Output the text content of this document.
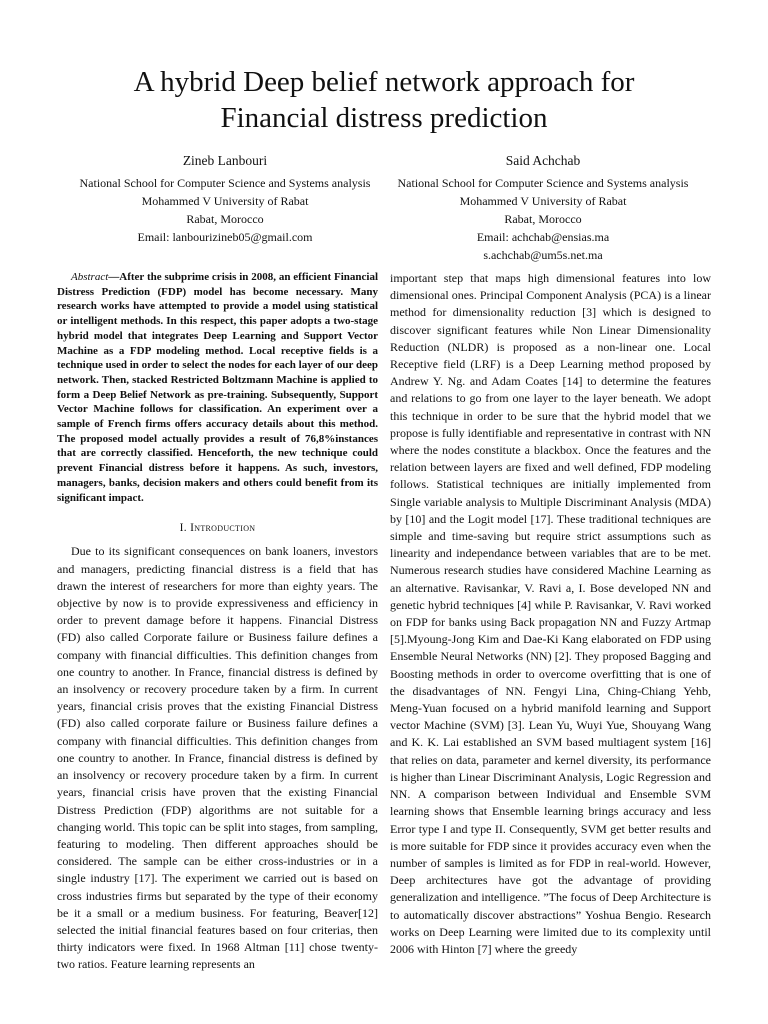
A hybrid Deep belief network approach for
Financial distress prediction
Zineb Lanbouri
National School for Computer Science and Systems analysis
Mohammed V University of Rabat
Rabat, Morocco
Email: lanbourizineb05@gmail.com
Said Achchab
National School for Computer Science and Systems analysis
Mohammed V University of Rabat
Rabat, Morocco
Email: achchab@ensias.ma
s.achchab@um5s.net.ma

Abstract—After the subprime crisis in 2008, an efficient Financial Distress Prediction (FDP) model has become necessary. Many research works have attempted to provide a model using statistical or intelligent methods. In this respect, this paper adopts a two-stage hybrid model that integrates Deep Learning and Support Vector Machine as a FDP modeling method. Local receptive fields is a technique used in order to select the nodes for each layer of our deep network. Then, stacked Restricted Boltzmann Machine is applied to form a Deep Belief Network as pre-training. Subsequently, Support Vector Machine follows for classification. An experiment over a sample of French firms offers accuracy details about this method. The proposed model actually provides a result of 76,8%instances that are correctly classified. Henceforth, the new technique could prevent Financial distress before it happens. As such, investors, managers, banks, decision makers and others could benefit from its significant impact.

I. Introduction

Due to its significant consequences on bank loaners, investors and managers, predicting financial distress is a field that has drawn the interest of researchers for more than eighty years. The objective by now is to provide expressiveness and efficiency in order to prevent damage before it happens. Financial Distress (FD) also called Corporate failure or Business failure defines a company with financial difficulties. This definition changes from one country to another. In France, financial distress is defined by an insolvency or recovery procedure taken by a firm. In current years, financial crisis proves that the existing Financial Distress (FD) also called corporate failure or Business failure defines a company with financial difficulties. This definition changes from one country to another. In France, financial distress is defined by an insolvency or recovery procedure taken by a firm. In current years, financial crisis have proven that the existing Financial Distress Prediction (FDP) algorithms are not suitable for a changing world. This topic can be split into stages, from sampling, featuring to modeling. Then different approaches should be considered. The sample can be either cross-industries or in a single industry [17]. The experiment we carried out is based on cross industries firms but separated by the type of their economy be it a small or a medium business. For featuring, Beaver[12] selected the initial financial features based on four criterias, then thirty indicators were fixed. In 1968 Altman [11] chose twenty-two ratios. Feature learning represents an

important step that maps high dimensional features into low dimensional ones. Principal Component Analysis (PCA) is a linear method for dimensionality reduction [3] which is designed to discover significant features while Non Linear Dimensionality Reduction (NLDR) is proposed as a non-linear one. Local Receptive field (LRF) is a Deep Learning method proposed by Andrew Y. Ng. and Adam Coates [14] to determine the features and relations to go from one layer to the layer beneath. We adopt this technique in order to be sure that the hybrid model that we propose is fully identifiable and representative in contrast with NN where the nodes constitute a blackbox. Once the features and the relation between layers are fixed and well defined, FDP modeling follows. Statistical techniques are initially implemented from Single variable analysis to Multiple Discriminant Analysis (MDA) by [10] and the Logit model [17]. These traditional techniques are simple and time-saving but require strict assumptions such as linearity and independance between variables that are to be met. Numerous research studies have considered Machine Learning as an alternative. Ravisankar, V. Ravi a, I. Bose developed NN and genetic hybrid techniques [4] while P. Ravisankar, V. Ravi worked on FDP for banks using Back propagation NN and Fuzzy Artmap [5].Myoung-Jong Kim and Dae-Ki Kang elaborated on FDP using Ensemble Neural Networks (NN) [2]. They proposed Bagging and Boosting methods in order to overcome overfitting that is one of the disadvantages of NN. Fengyi Lina, Ching-Chiang Yehb, Meng-Yuan focused on a hybrid manifold learning and Support vector Machine (SVM) [3]. Lean Yu, Wuyi Yue, Shouyang Wang and K. K. Lai established an SVM based multiagent system [16] that relies on data, parameter and kernel diversity, its performance is higher than Linear Discriminant Analysis, Logic Regression and NN. A comparison between Individual and Ensemble SVM learning shows that Ensemble learning brings accuracy and less Error type I and type II. Consequently, SVM get better results and is more suitable for FDP since it provides accuracy even when the number of samples is limited as for FDP in real-world. However, Deep architectures have got the advantage of providing generalization and intelligence. ”The focus of Deep Architecture is to automatically discover abstractions” Yoshua Bengio. Research works on Deep Learning were limited due to its complexity until 2006 with Hinton [7] where the greedy
